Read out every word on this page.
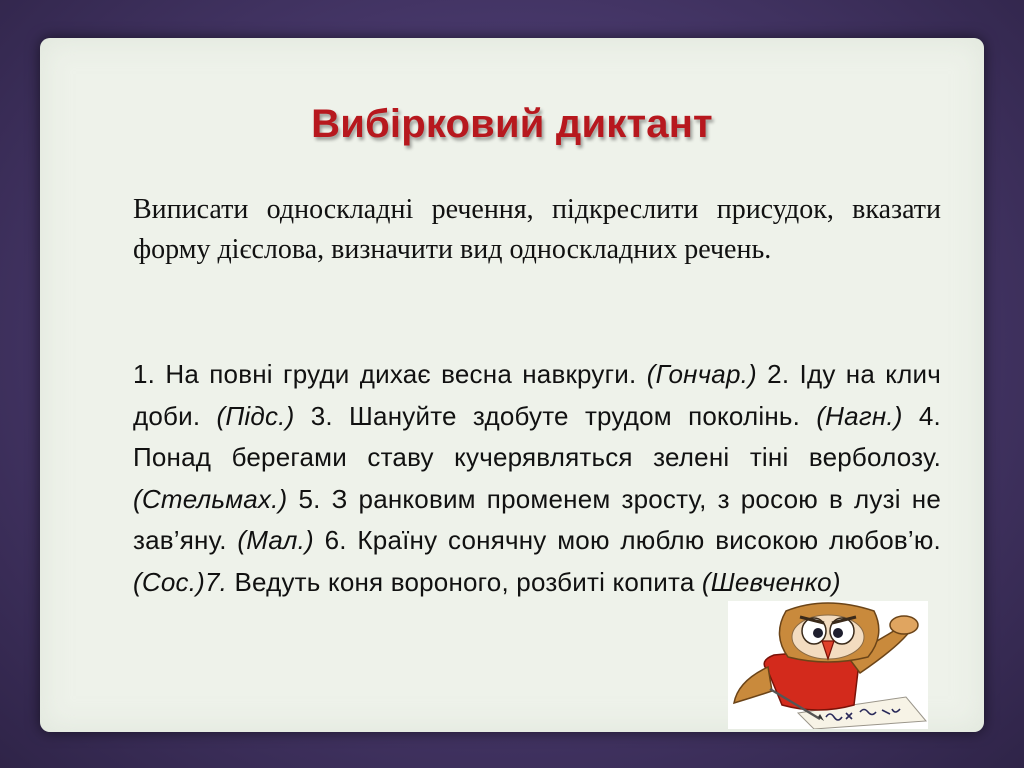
Вибірковий диктант

Виписати односкладні речення, підкреслити присудок, вказати форму дієслова, визначити вид односкладних речень.

1. На повні груди дихає весна навкруги. (Гончар.) 2. Іду на клич доби. (Підс.) 3. Шануйте здобуте трудом поколінь. (Нагн.) 4. Понад берегами ставу кучерявляться зелені тіні верболозу. (Стельмах.) 5. З ранковим променем зросту, з росою в лузі не зав’яну. (Мал.) 6. Країну сонячну мою люблю високою любов’ю. (Сос.)7. Ведуть коня вороного, розбиті копита (Шевченко)
